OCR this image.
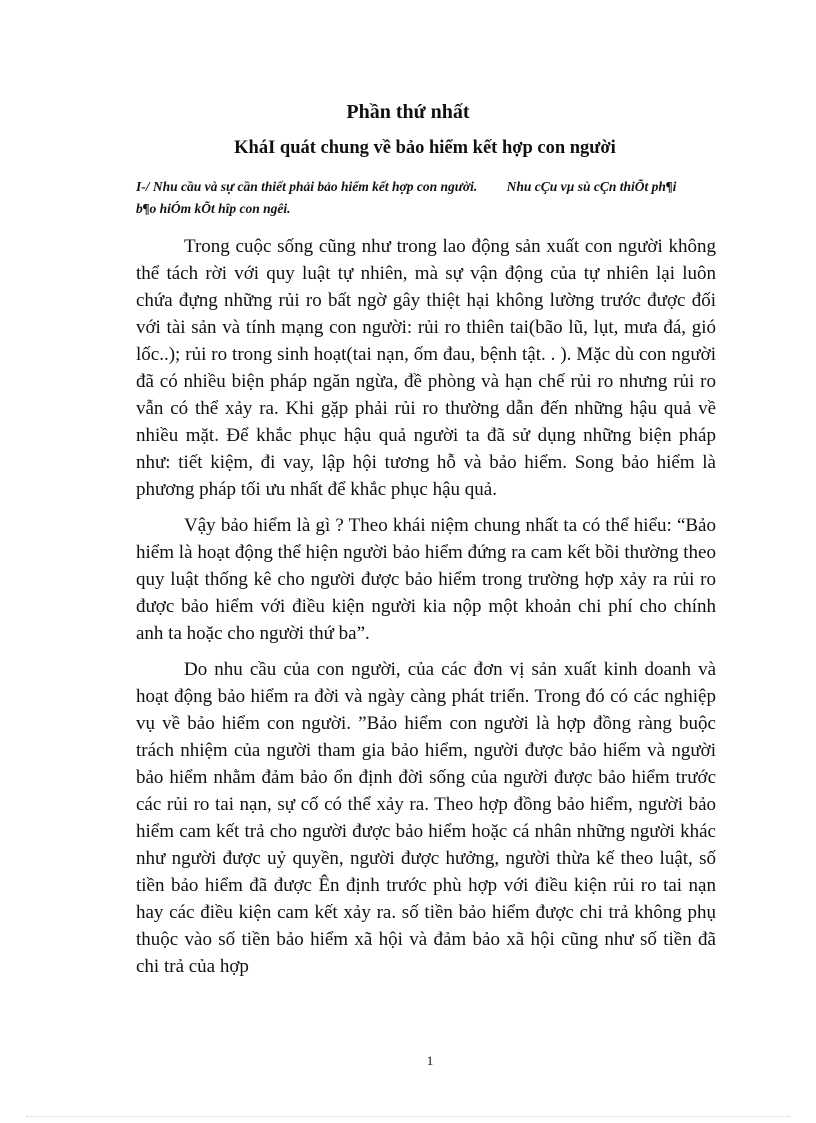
Phần thứ nhất
KháI quát chung về bảo hiểm kết hợp con người
I-/ Nhu cầu và sự cần thiết phải bảo hiểm kết hợp con người. Nhu cÇu vµ sù cÇn thiÕt ph¶i b¶o hiÓm kÕt hîp con ngêi.

Trong cuộc sống cũng như trong lao động sản xuất con người không thể tách rời với quy luật tự nhiên, mà sự vận động của tự nhiên lại luôn chứa đựng những rủi ro bất ngờ gây thiệt hại không lường trước được đối với tài sản và tính mạng con người: rủi ro thiên tai(bão lũ, lụt, mưa đá, gió lốc..); rủi ro trong sinh hoạt(tai nạn, ốm đau, bệnh tật. . ). Mặc dù con người đã có nhiều biện pháp ngăn ngừa, đề phòng và hạn chế rủi ro nhưng rủi ro vẫn có thể xảy ra. Khi gặp phải rủi ro thường dẫn đến những hậu quả về nhiều mặt. Để khắc phục hậu quả người ta đã sử dụng những biện pháp như: tiết kiệm, đi vay, lập hội tương hỗ và bảo hiểm. Song bảo hiểm là phương pháp tối ưu nhất để khắc phục hậu quả.

Vậy bảo hiểm là gì ? Theo khái niệm chung nhất ta có thể hiểu: “Bảo hiểm là hoạt động thể hiện người bảo hiểm đứng ra cam kết bồi thường theo quy luật thống kê cho người được bảo hiểm trong trường hợp xảy ra rủi ro được bảo hiểm với điều kiện người kia nộp một khoản chi phí cho chính anh ta hoặc cho người thứ ba”.

Do nhu cầu của con người, của các đơn vị sản xuất kinh doanh và hoạt động bảo hiểm ra đời và ngày càng phát triển. Trong đó có các nghiệp vụ về bảo hiểm con người. ”Bảo hiểm con người là hợp đồng ràng buộc trách nhiệm của người tham gia bảo hiểm, người được bảo hiểm và người bảo hiểm nhằm đảm bảo ổn định đời sống của người được bảo hiểm trước các rủi ro tai nạn, sự cố có thể xảy ra. Theo hợp đồng bảo hiểm, người bảo hiểm cam kết trả cho người được bảo hiểm hoặc cá nhân những người khác như người được uỷ quyền, người được hưởng, người thừa kế theo luật, số tiền bảo hiểm đã được Ên định trước phù hợp với điều kiện rủi ro tai nạn hay các điều kiện cam kết xảy ra. số tiền bảo hiểm được chi trả không phụ thuộc vào số tiền bảo hiểm xã hội và đảm bảo xã hội cũng như số tiền đã chi trả của hợp

1
